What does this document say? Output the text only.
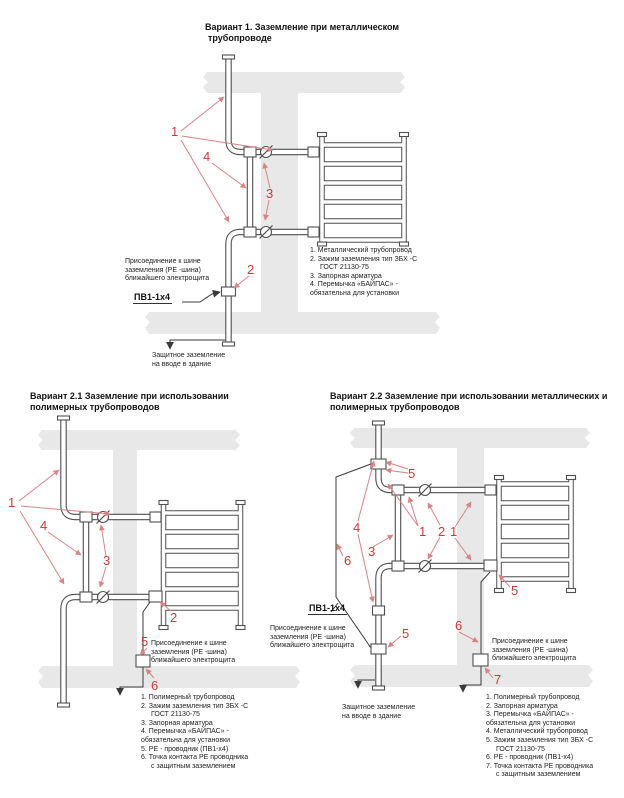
1
4
3
2
1
4
3
2
5
6
5
4
3
1 2 1
6
5
5
6
7
Вариант 1. Заземление при металлическом
трубопроводе
Присоединение к шине
заземления (PE -шина)
ближайшего электрощита
ПВ1-1х4
Защитное заземление
на вводе в здание
1. Металлический трубопровод
2. Зажим заземления тип ЗБХ -С
ГОСТ 21130-75
3. Запорная арматура
4. Перемычка «БАЙПАС» -
обязательна для установки
Вариант 2.1 Заземление при использовании
полимерных трубопроводов
Присоединение к шине
заземления (PE -шина)
ближайшего электрощита
1. Полимерный трубопровод
2. Зажим заземления тип ЗБХ -С
ГОСТ 21130-75
3. Запорная арматура
4. Перемычка «БАЙПАС» -
обязательна для установки
5. PE - проводник (ПВ1-х4)
6. Точка контакта PE проводника
с защитным заземлением
Вариант 2.2 Заземление при использовании металлических и
полимерных трубопроводов
ПВ1-1x4
Присоединение к шине
заземления (PE -шина)
ближайшего электрощита
Присоединение к шине
заземления (PE -шина)
ближайшего электрощита
Защитное заземление
на вводе в здание
1. Полимерный трубопровод
2. Запорная арматура
3. Перемычка «БАЙПАС» -
обязательна для установки
4. Металлический трубопровод
5. Зажим заземления тип ЗБХ -С
ГОСТ 21130-75
6. PE - проводник (ПВ1-х4)
7. Точка контакта PE проводника
с защитным заземлением
